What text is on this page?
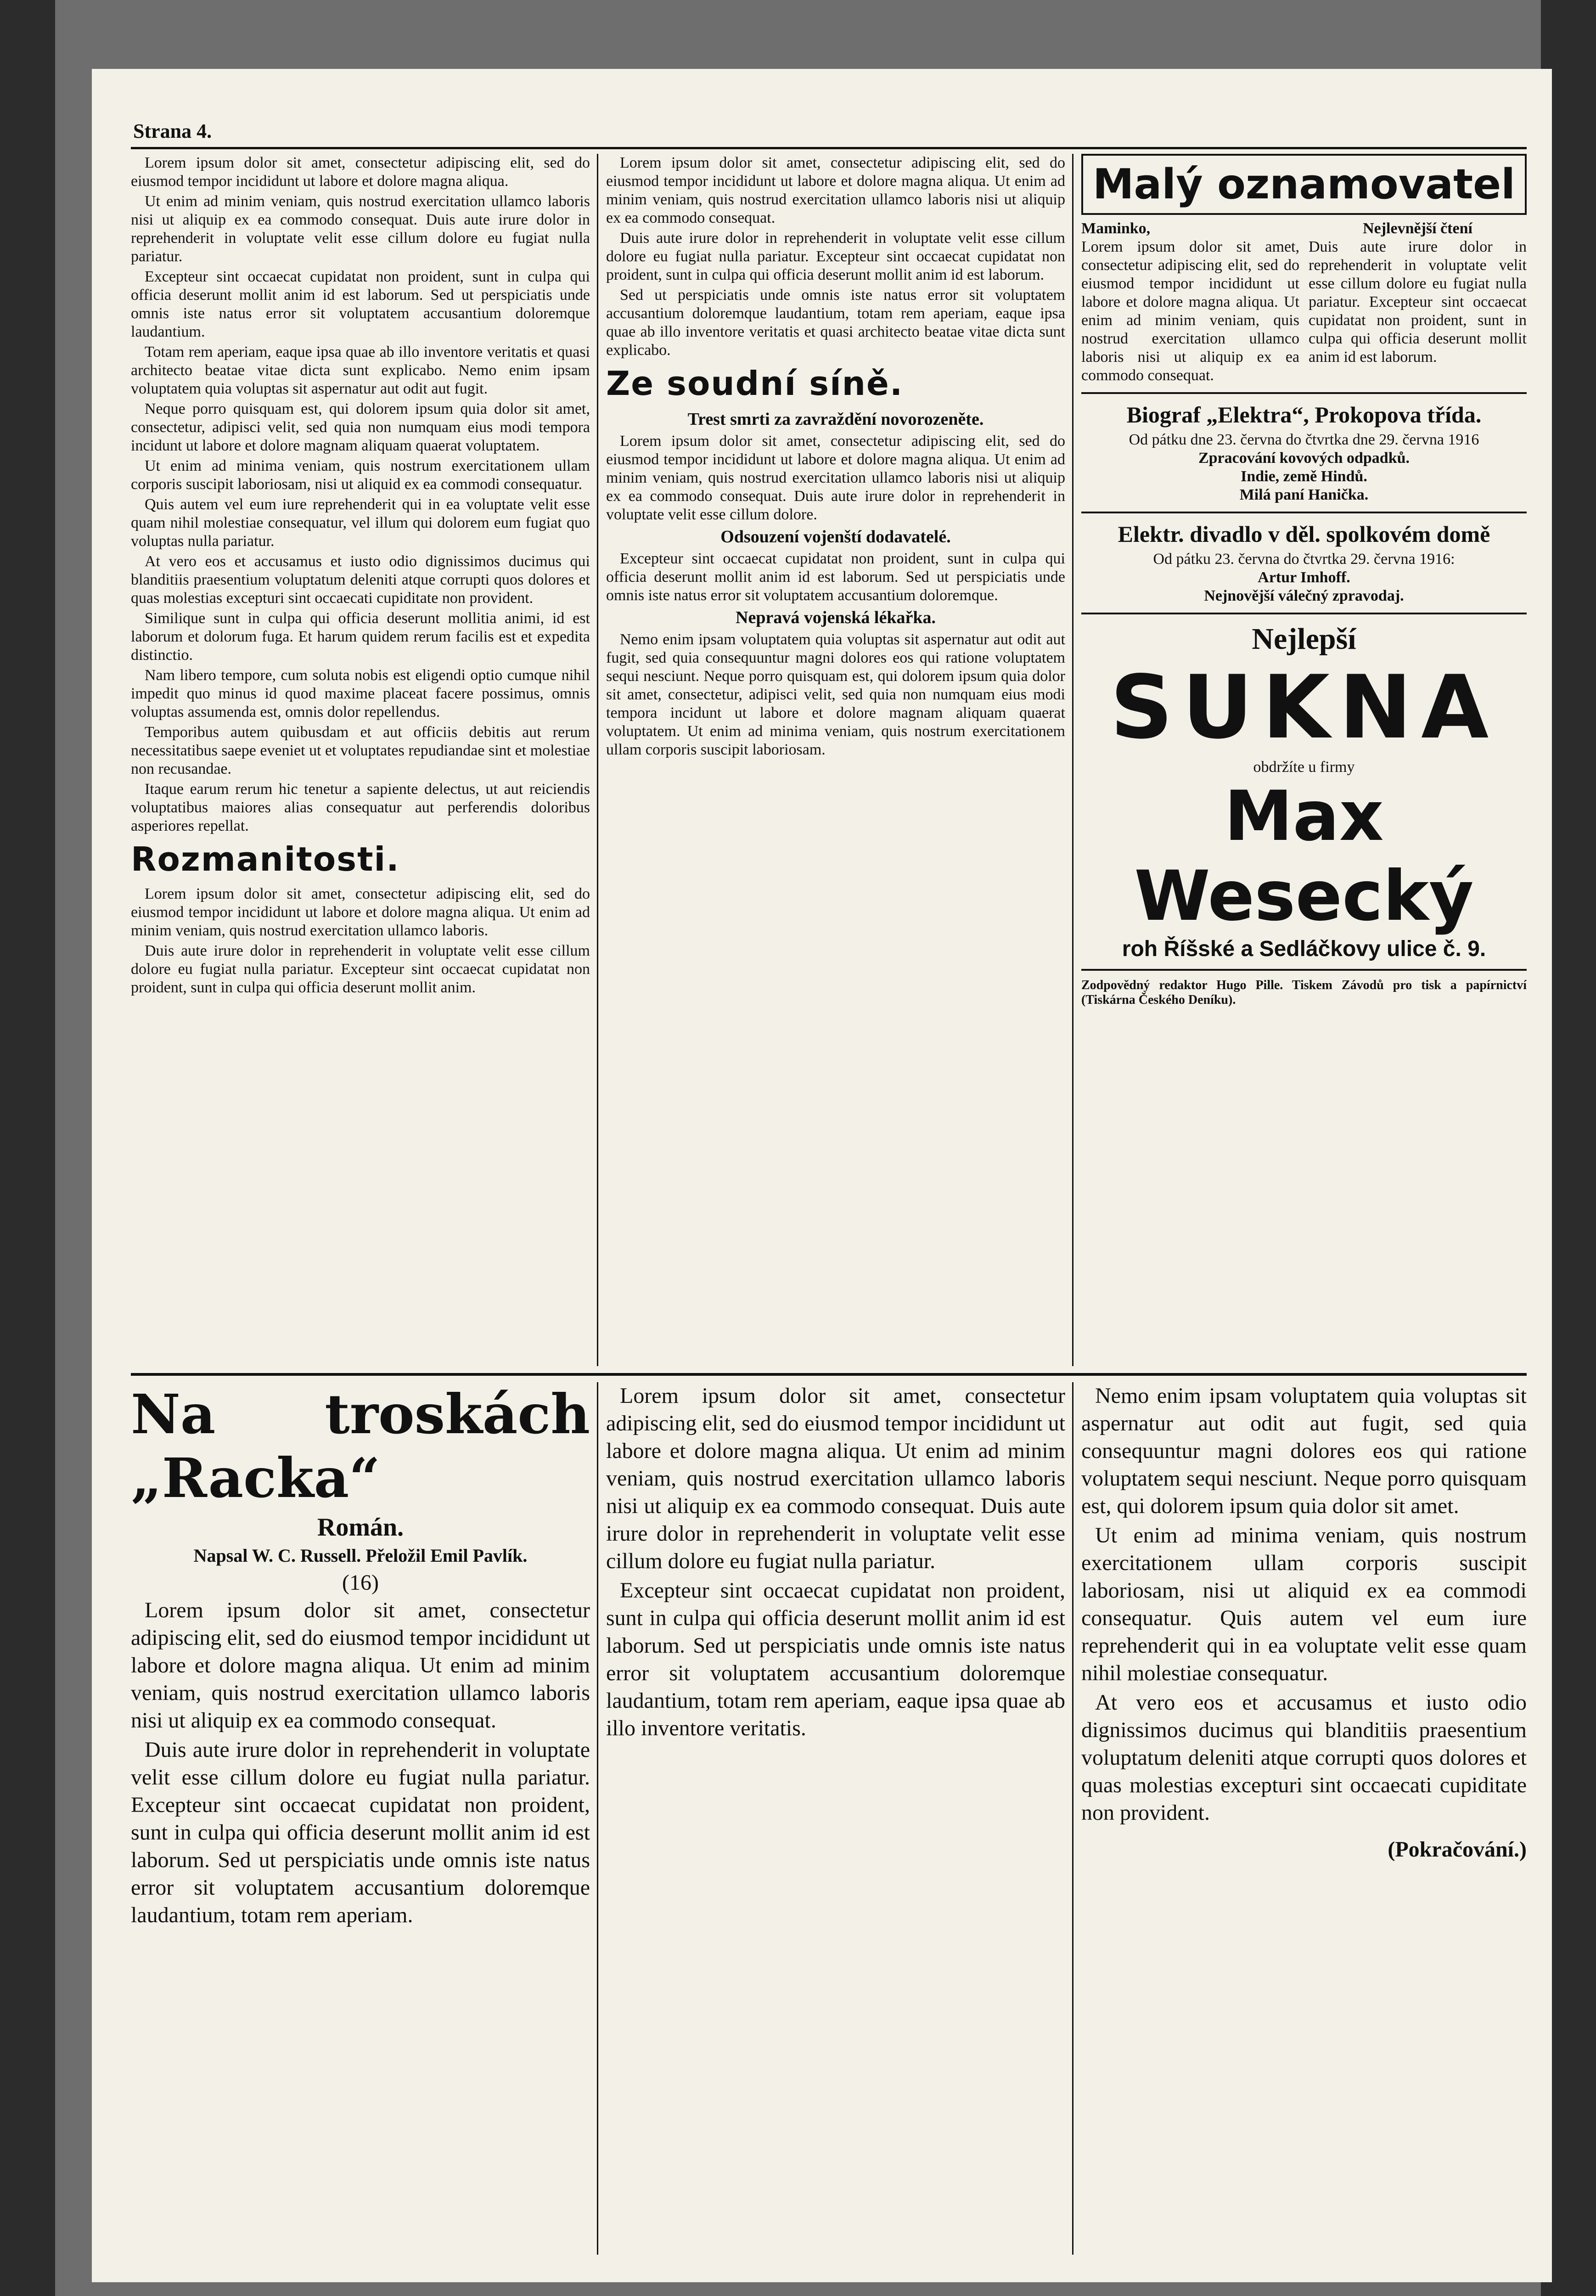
Strana 4.

Lorem ipsum dolor sit amet, consectetur adipiscing elit, sed do eiusmod tempor incididunt ut labore et dolore magna aliqua.

Ut enim ad minim veniam, quis nostrud exercitation ullamco laboris nisi ut aliquip ex ea commodo consequat. Duis aute irure dolor in reprehenderit in voluptate velit esse cillum dolore eu fugiat nulla pariatur.

Excepteur sint occaecat cupidatat non proident, sunt in culpa qui officia deserunt mollit anim id est laborum. Sed ut perspiciatis unde omnis iste natus error sit voluptatem accusantium doloremque laudantium.

Totam rem aperiam, eaque ipsa quae ab illo inventore veritatis et quasi architecto beatae vitae dicta sunt explicabo. Nemo enim ipsam voluptatem quia voluptas sit aspernatur aut odit aut fugit.

Neque porro quisquam est, qui dolorem ipsum quia dolor sit amet, consectetur, adipisci velit, sed quia non numquam eius modi tempora incidunt ut labore et dolore magnam aliquam quaerat voluptatem.

Ut enim ad minima veniam, quis nostrum exercitationem ullam corporis suscipit laboriosam, nisi ut aliquid ex ea commodi consequatur.

Quis autem vel eum iure reprehenderit qui in ea voluptate velit esse quam nihil molestiae consequatur, vel illum qui dolorem eum fugiat quo voluptas nulla pariatur.

At vero eos et accusamus et iusto odio dignissimos ducimus qui blanditiis praesentium voluptatum deleniti atque corrupti quos dolores et quas molestias excepturi sint occaecati cupiditate non provident.

Similique sunt in culpa qui officia deserunt mollitia animi, id est laborum et dolorum fuga. Et harum quidem rerum facilis est et expedita distinctio.

Nam libero tempore, cum soluta nobis est eligendi optio cumque nihil impedit quo minus id quod maxime placeat facere possimus, omnis voluptas assumenda est, omnis dolor repellendus.

Temporibus autem quibusdam et aut officiis debitis aut rerum necessitatibus saepe eveniet ut et voluptates repudiandae sint et molestiae non recusandae.

Itaque earum rerum hic tenetur a sapiente delectus, ut aut reiciendis voluptatibus maiores alias consequatur aut perferendis doloribus asperiores repellat.

Rozmanitosti.

Lorem ipsum dolor sit amet, consectetur adipiscing elit, sed do eiusmod tempor incididunt ut labore et dolore magna aliqua. Ut enim ad minim veniam, quis nostrud exercitation ullamco laboris.

Duis aute irure dolor in reprehenderit in voluptate velit esse cillum dolore eu fugiat nulla pariatur. Excepteur sint occaecat cupidatat non proident, sunt in culpa qui officia deserunt mollit anim.

Lorem ipsum dolor sit amet, consectetur adipiscing elit, sed do eiusmod tempor incididunt ut labore et dolore magna aliqua. Ut enim ad minim veniam, quis nostrud exercitation ullamco laboris nisi ut aliquip ex ea commodo consequat.

Duis aute irure dolor in reprehenderit in voluptate velit esse cillum dolore eu fugiat nulla pariatur. Excepteur sint occaecat cupidatat non proident, sunt in culpa qui officia deserunt mollit anim id est laborum.

Sed ut perspiciatis unde omnis iste natus error sit voluptatem accusantium doloremque laudantium, totam rem aperiam, eaque ipsa quae ab illo inventore veritatis et quasi architecto beatae vitae dicta sunt explicabo.

Ze soudní síně.
Trest smrti za zavraždění novorozeněte.

Lorem ipsum dolor sit amet, consectetur adipiscing elit, sed do eiusmod tempor incididunt ut labore et dolore magna aliqua. Ut enim ad minim veniam, quis nostrud exercitation ullamco laboris nisi ut aliquip ex ea commodo consequat. Duis aute irure dolor in reprehenderit in voluptate velit esse cillum dolore.

Odsouzení vojenští dodavatelé.

Excepteur sint occaecat cupidatat non proident, sunt in culpa qui officia deserunt mollit anim id est laborum. Sed ut perspiciatis unde omnis iste natus error sit voluptatem accusantium doloremque.

Nepravá vojenská lékařka.

Nemo enim ipsam voluptatem quia voluptas sit aspernatur aut odit aut fugit, sed quia consequuntur magni dolores eos qui ratione voluptatem sequi nesciunt. Neque porro quisquam est, qui dolorem ipsum quia dolor sit amet, consectetur, adipisci velit, sed quia non numquam eius modi tempora incidunt ut labore et dolore magnam aliquam quaerat voluptatem. Ut enim ad minima veniam, quis nostrum exercitationem ullam corporis suscipit laboriosam.

Malý oznamovatel
Maminko,
Lorem ipsum dolor sit amet, consectetur adipiscing elit, sed do eiusmod tempor incididunt ut labore et dolore magna aliqua. Ut enim ad minim veniam, quis nostrud exercitation ullamco laboris nisi ut aliquip ex ea commodo consequat.
Nejlevnější čtení
Duis aute irure dolor in reprehenderit in voluptate velit esse cillum dolore eu fugiat nulla pariatur. Excepteur sint occaecat cupidatat non proident, sunt in culpa qui officia deserunt mollit anim id est laborum.
Biograf „Elektra“, Prokopova třída.
Od pátku dne 23. června do čtvrtka dne 29. června 1916
Zpracování kovových odpadků.
Indie, země Hindů.
Milá paní Hanička.
Elektr. divadlo v děl. spolkovém domě
Od pátku 23. června do čtvrtka 29. června 1916:
Artur Imhoff.
Nejnovější válečný zpravodaj.
Nejlepší
SUKNA
obdržíte u firmy
Max Wesecký
roh Říšské a Sedláčkovy ulice č. 9.
Zodpovědný redaktor Hugo Pille. Tiskem Závodů pro tisk a papírnictví (Tiskárna Českého Deníku).
Na troskách „Racka“
Román.
Napsal W. C. Russell. Přeložil Emil Pavlík.
(16)

Lorem ipsum dolor sit amet, consectetur adipiscing elit, sed do eiusmod tempor incididunt ut labore et dolore magna aliqua. Ut enim ad minim veniam, quis nostrud exercitation ullamco laboris nisi ut aliquip ex ea commodo consequat.

Duis aute irure dolor in reprehenderit in voluptate velit esse cillum dolore eu fugiat nulla pariatur. Excepteur sint occaecat cupidatat non proident, sunt in culpa qui officia deserunt mollit anim id est laborum. Sed ut perspiciatis unde omnis iste natus error sit voluptatem accusantium doloremque laudantium, totam rem aperiam.

Lorem ipsum dolor sit amet, consectetur adipiscing elit, sed do eiusmod tempor incididunt ut labore et dolore magna aliqua. Ut enim ad minim veniam, quis nostrud exercitation ullamco laboris nisi ut aliquip ex ea commodo consequat. Duis aute irure dolor in reprehenderit in voluptate velit esse cillum dolore eu fugiat nulla pariatur.

Excepteur sint occaecat cupidatat non proident, sunt in culpa qui officia deserunt mollit anim id est laborum. Sed ut perspiciatis unde omnis iste natus error sit voluptatem accusantium doloremque laudantium, totam rem aperiam, eaque ipsa quae ab illo inventore veritatis.

Nemo enim ipsam voluptatem quia voluptas sit aspernatur aut odit aut fugit, sed quia consequuntur magni dolores eos qui ratione voluptatem sequi nesciunt. Neque porro quisquam est, qui dolorem ipsum quia dolor sit amet.

Ut enim ad minima veniam, quis nostrum exercitationem ullam corporis suscipit laboriosam, nisi ut aliquid ex ea commodi consequatur. Quis autem vel eum iure reprehenderit qui in ea voluptate velit esse quam nihil molestiae consequatur.

At vero eos et accusamus et iusto odio dignissimos ducimus qui blanditiis praesentium voluptatum deleniti atque corrupti quos dolores et quas molestias excepturi sint occaecati cupiditate non provident.

(Pokračování.)
